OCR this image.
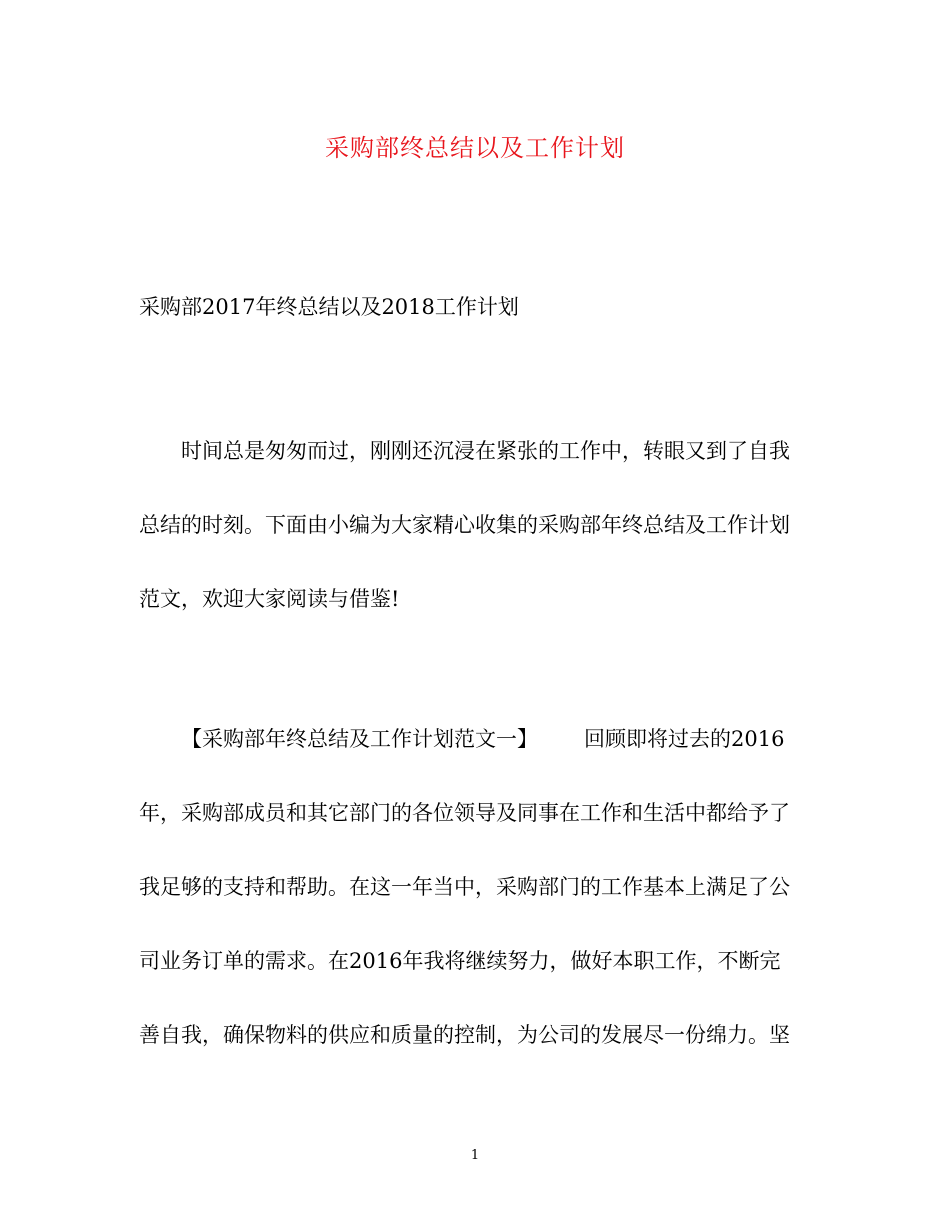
采购部终总结以及工作计划
采购部2017年终总结以及2018工作计划
时间总是匆匆而过，刚刚还沉浸在紧张的工作中，转眼又到了自我
总结的时刻。下面由小编为大家精心收集的采购部年终总结及工作计划
范文，欢迎大家阅读与借鉴!
【采购部年终总结及工作计划范文一】 回顾即将过去的2016
年，采购部成员和其它部门的各位领导及同事在工作和生活中都给予了
我足够的支持和帮助。在这一年当中，采购部门的工作基本上满足了公
司业务订单的需求。在2016年我将继续努力，做好本职工作，不断完
善自我，确保物料的供应和质量的控制，为公司的发展尽一份绵力。坚
1
